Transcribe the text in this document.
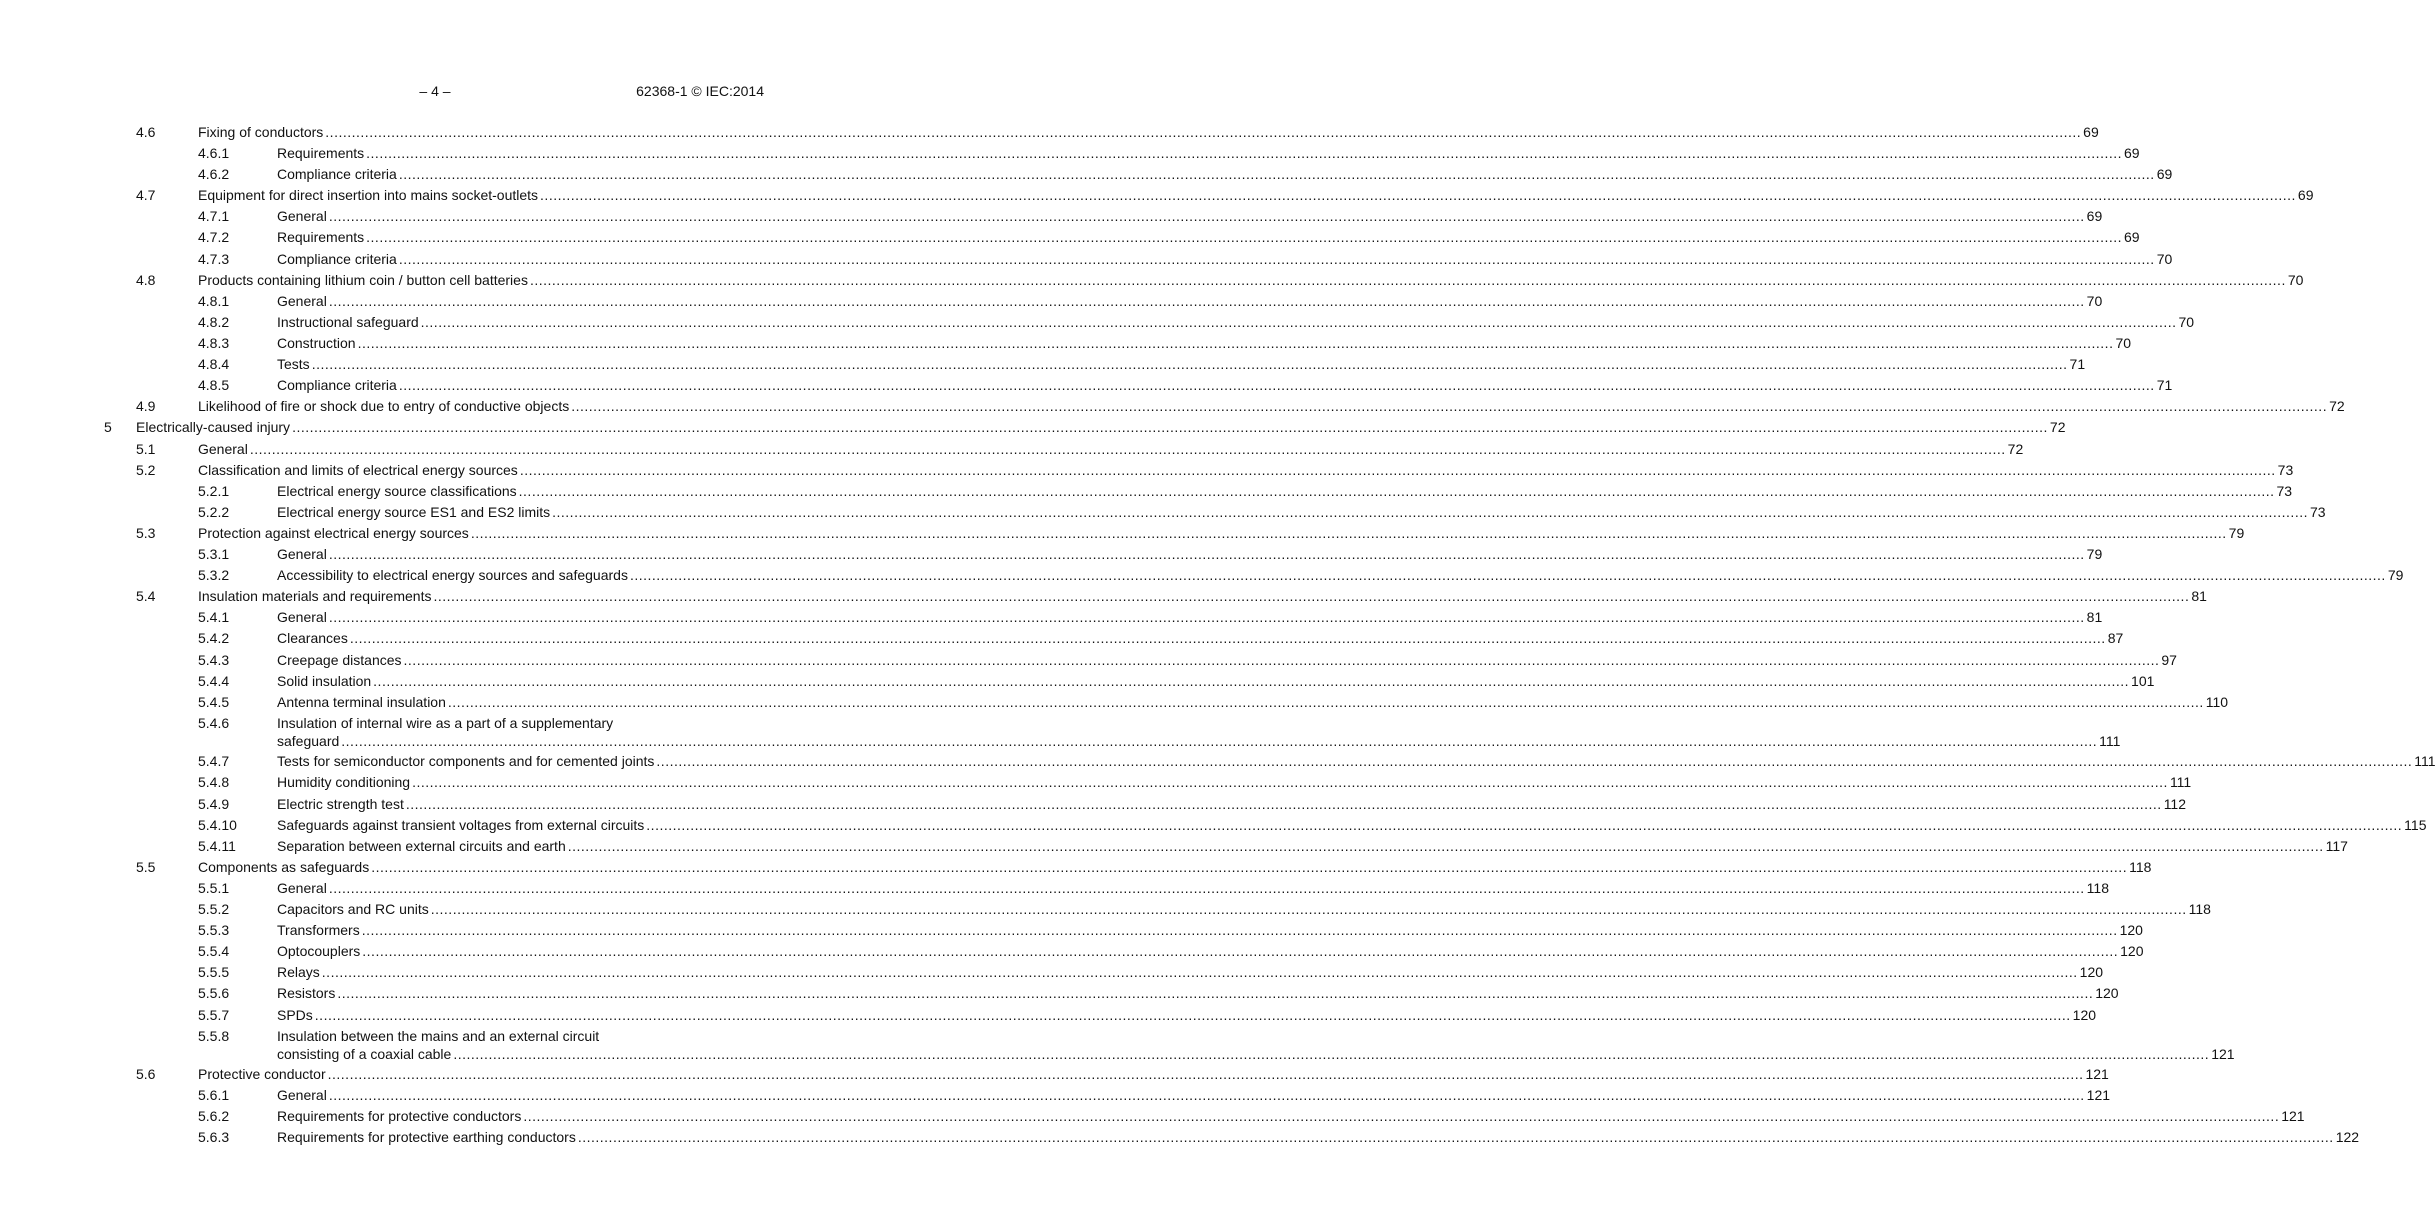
– 4 –	62368-1 © IEC:2014
4.6	Fixing of conductors ................................................................................................................................................................................................................................................................................................................................................................................................................ 69
4.6.1	Requirements ................................................................................................................................................................................................................................................................................................................................................................................................................ 69
4.6.2	Compliance criteria ................................................................................................................................................................................................................................................................................................................................................................................................................ 69
4.7	Equipment for direct insertion into mains socket-outlets ................................................................................................................................................................................................................................................................................................................................................................................................................ 69
4.7.1	General ................................................................................................................................................................................................................................................................................................................................................................................................................ 69
4.7.2	Requirements ................................................................................................................................................................................................................................................................................................................................................................................................................ 69
4.7.3	Compliance criteria ................................................................................................................................................................................................................................................................................................................................................................................................................ 70
4.8	Products containing lithium coin / button cell batteries ................................................................................................................................................................................................................................................................................................................................................................................................................ 70
4.8.1	General ................................................................................................................................................................................................................................................................................................................................................................................................................ 70
4.8.2	Instructional safeguard ................................................................................................................................................................................................................................................................................................................................................................................................................ 70
4.8.3	Construction ................................................................................................................................................................................................................................................................................................................................................................................................................ 70
4.8.4	Tests ................................................................................................................................................................................................................................................................................................................................................................................................................ 71
4.8.5	Compliance criteria ................................................................................................................................................................................................................................................................................................................................................................................................................ 71
4.9	Likelihood of fire or shock due to entry of conductive objects ................................................................................................................................................................................................................................................................................................................................................................................................................ 72
5 Electrically-caused injury ................................................................................................................................................................................................................................................................................................................................................................................................................ 72
5.1	General ................................................................................................................................................................................................................................................................................................................................................................................................................ 72
5.2	Classification and limits of electrical energy sources ................................................................................................................................................................................................................................................................................................................................................................................................................ 73
5.2.1	Electrical energy source classifications ................................................................................................................................................................................................................................................................................................................................................................................................................ 73
5.2.2	Electrical energy source ES1 and ES2 limits ................................................................................................................................................................................................................................................................................................................................................................................................................ 73
5.3	Protection against electrical energy sources ................................................................................................................................................................................................................................................................................................................................................................................................................ 79
5.3.1	General ................................................................................................................................................................................................................................................................................................................................................................................................................ 79
5.3.2	Accessibility to electrical energy sources and safeguards ................................................................................................................................................................................................................................................................................................................................................................................................................ 79
5.4	Insulation materials and requirements ................................................................................................................................................................................................................................................................................................................................................................................................................ 81
5.4.1	General ................................................................................................................................................................................................................................................................................................................................................................................................................ 81
5.4.2	Clearances ................................................................................................................................................................................................................................................................................................................................................................................................................ 87
5.4.3	Creepage distances ................................................................................................................................................................................................................................................................................................................................................................................................................ 97
5.4.4	Solid insulation ................................................................................................................................................................................................................................................................................................................................................................................................................ 101
5.4.5	Antenna terminal insulation ................................................................................................................................................................................................................................................................................................................................................................................................................ 110
5.4.6	Insulation of internal wire as a part of a supplementary
safeguard ................................................................................................................................................................................................................................................................................................................................................................................................................ 111
5.4.7	Tests for semiconductor components and for cemented joints ................................................................................................................................................................................................................................................................................................................................................................................................................ 111
5.4.8	Humidity conditioning ................................................................................................................................................................................................................................................................................................................................................................................................................ 111
5.4.9	Electric strength test ................................................................................................................................................................................................................................................................................................................................................................................................................ 112
5.4.10	Safeguards against transient voltages from external circuits ................................................................................................................................................................................................................................................................................................................................................................................................................ 115
5.4.11	Separation between external circuits and earth ................................................................................................................................................................................................................................................................................................................................................................................................................ 117
5.5	Components as safeguards ................................................................................................................................................................................................................................................................................................................................................................................................................ 118
5.5.1	General ................................................................................................................................................................................................................................................................................................................................................................................................................ 118
5.5.2	Capacitors and RC units ................................................................................................................................................................................................................................................................................................................................................................................................................ 118
5.5.3	Transformers ................................................................................................................................................................................................................................................................................................................................................................................................................ 120
5.5.4	Optocouplers ................................................................................................................................................................................................................................................................................................................................................................................................................ 120
5.5.5	Relays ................................................................................................................................................................................................................................................................................................................................................................................................................ 120
5.5.6	Resistors ................................................................................................................................................................................................................................................................................................................................................................................................................ 120
5.5.7	SPDs ................................................................................................................................................................................................................................................................................................................................................................................................................ 120
5.5.8	Insulation between the mains and an external circuit
consisting of a coaxial cable ................................................................................................................................................................................................................................................................................................................................................................................................................ 121
5.6	Protective conductor ................................................................................................................................................................................................................................................................................................................................................................................................................ 121
5.6.1	General ................................................................................................................................................................................................................................................................................................................................................................................................................ 121
5.6.2	Requirements for protective conductors ................................................................................................................................................................................................................................................................................................................................................................................................................ 121
5.6.3	Requirements for protective earthing conductors ................................................................................................................................................................................................................................................................................................................................................................................................................ 122
